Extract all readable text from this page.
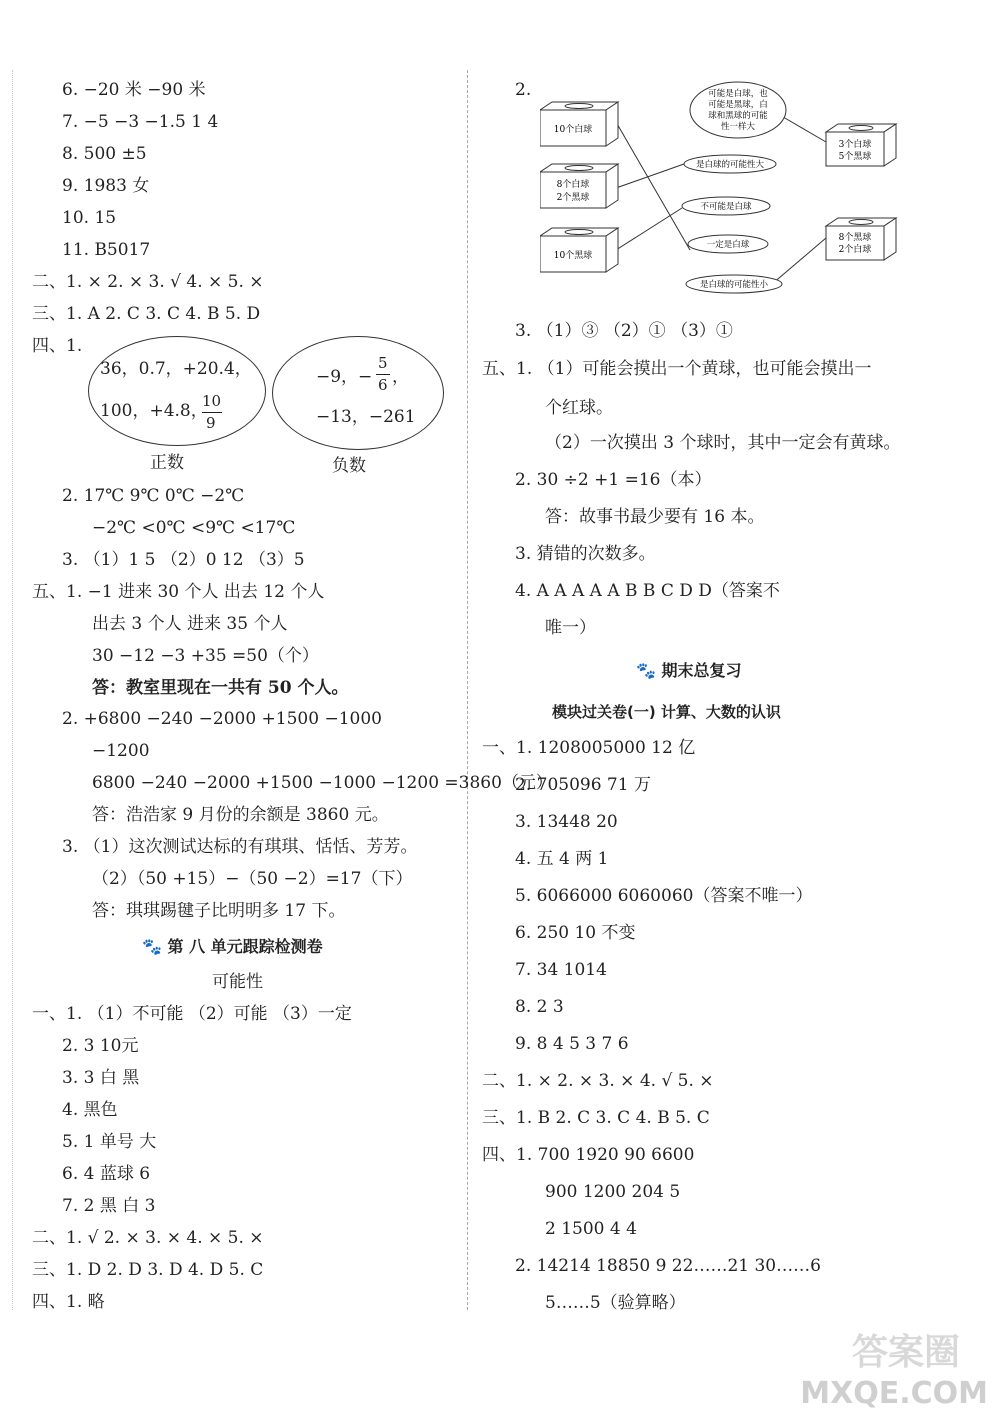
6. −20 米 −90 米
7. −5 −3 −1.5 1 4
8. 500 ±5
9. 1983 女
10. 15
11. B5017
二、1. × 2. × 3. √ 4. × 5. ×
三、1. A 2. C 3. C 4. B 5. D
四、1.
36，0.7，+20.4，
100，+4.8，
10
9
正数
−9，−
5
6 ，
−13，−261
负数
2. 17℃ 9℃ 0℃ −2℃
−2℃ <0℃ <9℃ <17℃
3. （1）1 5 （2）0 12 （3）5
五、1. −1 进来 30 个人 出去 12 个人
出去 3 个人 进来 35 个人
30 −12 −3 +35 =50（个）
答：教室里现在一共有 50 个人。
2. +6800 −240 −2000 +1500 −1000
−1200
6800 −240 −2000 +1500 −1000 −1200 =3860（元）
答：浩浩家 9 月份的余额是 3860 元。
3. （1）这次测试达标的有琪琪、恬恬、芳芳。
（2）（50 +15）−（50 −2）=17（下）
答：琪琪踢毽子比明明多 17 下。
🐾 第 八 单元跟踪检测卷
可能性
一、1. （1）不可能 （2）可能 （3）一定
2. 3 10元
3. 3 白 黑
4. 黑色
5. 1 单号 大
6. 4 蓝球 6
7. 2 黑 白 3
二、1. √ 2. × 3. × 4. × 5. ×
三、1. D 2. D 3. D 4. D 5. C
四、1. 略
2.
10个白球
8个白球
2个黑球
10个黑球
3个白球
5个黑球
8个黑球
2个白球
可能是白球，也
可能是黑球，白
球和黑球的可能
性一样大
是白球的可能性大
不可能是白球
一定是白球
是白球的可能性小
3. （1）③ （2）① （3）①
五、1. （1）可能会摸出一个黄球，也可能会摸出一
个红球。
（2）一次摸出 3 个球时，其中一定会有黄球。
2. 30 ÷2 +1 =16（本）
答：故事书最少要有 16 本。
3. 猜错的次数多。
4. A A A A A B B C D D（答案不
唯一）
🐾 期末总复习
模块过关卷(一) 计算、大数的认识
一、1. 1208005000 12 亿
2. 705096 71 万
3. 13448 20
4. 五 4 两 1
5. 6066000 6060060（答案不唯一）
6. 250 10 不变
7. 34 1014
8. 2 3
9. 8 4 5 3 7 6
二、1. × 2. × 3. × 4. √ 5. ×
三、1. B 2. C 3. C 4. B 5. C
四、1. 700 1920 90 6600
900 1200 204 5
2 1500 4 4
2. 14214 18850 9 22……21 30……6
5……5（验算略）
答案圈
MXQE.COM
